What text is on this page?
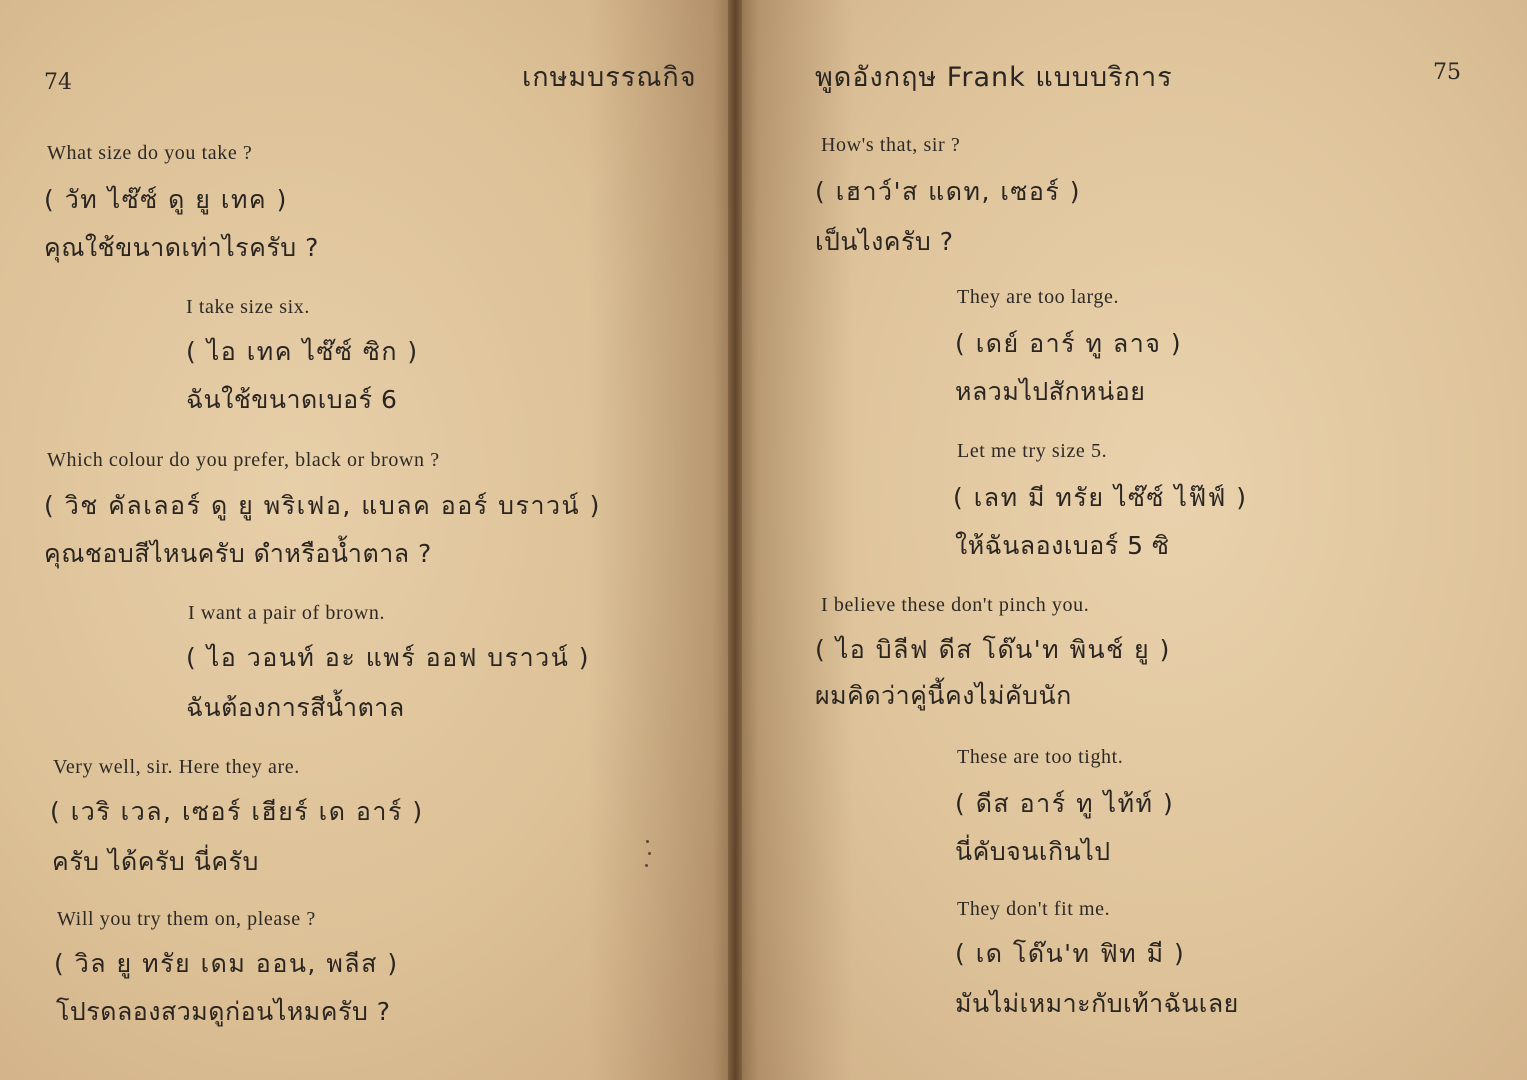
74	เกษมบรรณกิจ
What size do you take ?
( วัท ไซ๊ซ์ ดู ยู เทค )
คุณใช้ขนาดเท่าไรครับ ?
I take size six.
( ไอ เทค ไซ๊ซ์ ซิก )
ฉันใช้ขนาดเบอร์ 6
Which colour do you prefer, black or brown ?
( วิช คัลเลอร์ ดู ยู พริเฟอ, แบลค ออร์ บราวน์ )
คุณชอบสีไหนครับ ดำหรือน้ำตาล ?
I want a pair of brown.
( ไอ วอนท์ อะ แพร์ ออฟ บราวน์ )
ฉันต้องการสีน้ำตาล
Very well, sir. Here they are.
( เวริ เวล, เซอร์ เฮียร์ เด อาร์ )
ครับ ได้ครับ นี่ครับ
Will you try them on, please ?
( วิล ยู ทรัย เดม ออน, พลีส )
โปรดลองสวมดูก่อนไหมครับ ?
พูดอังกฤษ Frank แบบบริการ	75
How's that, sir ?
( เฮาว์'ส แดท, เซอร์ )
เป็นไงครับ ?
They are too large.
( เดย์ อาร์ ทู ลาจ )
หลวมไปสักหน่อย
Let me try size 5.
( เลท มี ทรัย ไซ๊ซ์ ไฟ๊ฟ์ )
ให้ฉันลองเบอร์ 5 ซิ
I believe these don't pinch you.
( ไอ บิลีฟ ดีส โด๊น'ท พินช์ ยู )
ผมคิดว่าคู่นี้คงไม่คับนัก
These are too tight.
( ดีส อาร์ ทู ไท้ท์ )
นี่คับจนเกินไป
They don't fit me.
( เด โด๊น'ท ฟิท มี )
มันไม่เหมาะกับเท้าฉันเลย
